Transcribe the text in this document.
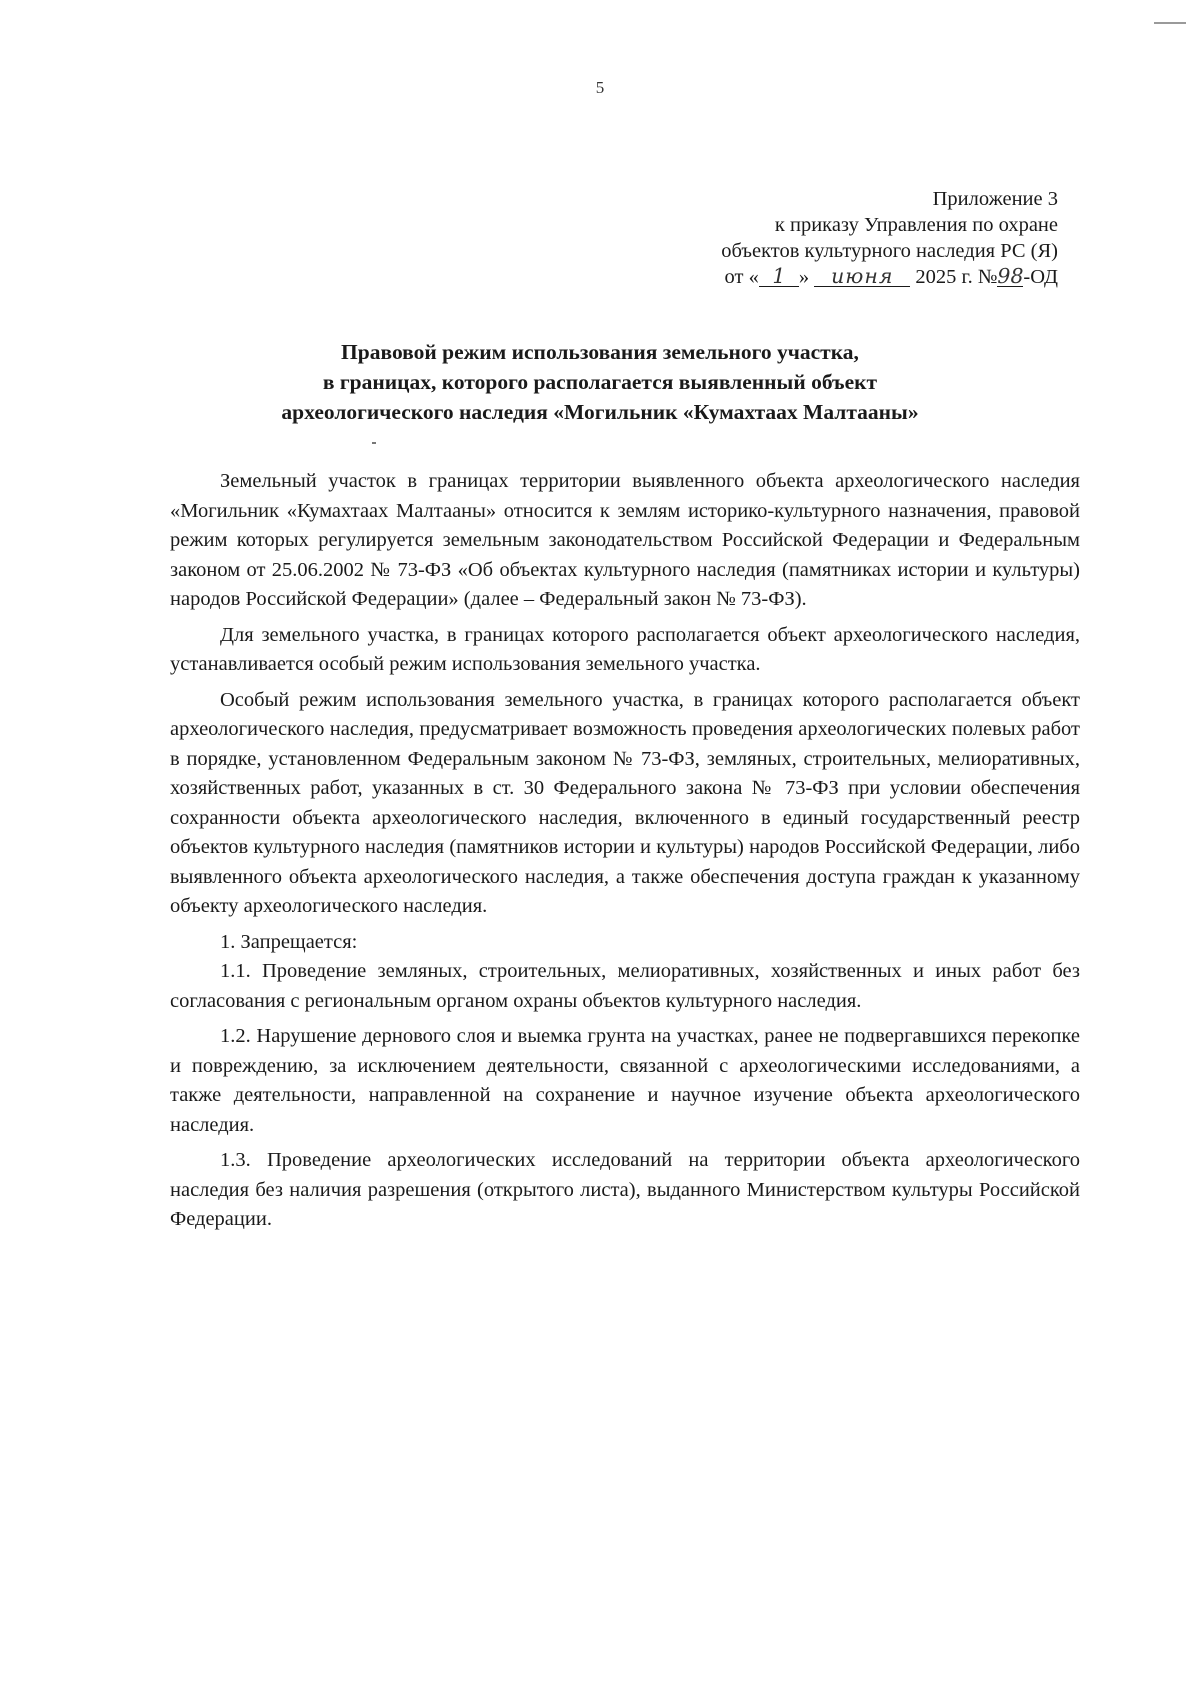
5
Приложение 3
к приказу Управления по охране
объектов культурного наследия РС (Я)
от « 1 » июня 2025 г. №98-ОД
Правовой режим использования земельного участка,
в границах, которого располагается выявленный объект
археологического наследия «Могильник «Кумахтаах Малтааны»

Земельный участок в границах территории выявленного объекта археологического наследия «Могильник «Кумахтаах Малтааны» относится к землям историко-культурного назначения, правовой режим которых регулируется земельным законодательством Российской Федерации и Федеральным законом от 25.06.2002 № 73-ФЗ «Об объектах культурного наследия (памятниках истории и культуры) народов Российской Федерации» (далее – Федеральный закон № 73-ФЗ).

Для земельного участка, в границах которого располагается объект археологического наследия, устанавливается особый режим использования земельного участка.

Особый режим использования земельного участка, в границах которого располагается объект археологического наследия, предусматривает возможность проведения археологических полевых работ в порядке, установленном Федеральным законом № 73-ФЗ, земляных, строительных, мелиоративных, хозяйственных работ, указанных в ст. 30 Федерального закона № 73-ФЗ при условии обеспечения сохранности объекта археологического наследия, включенного в единый государственный реестр объектов культурного наследия (памятников истории и культуры) народов Российской Федерации, либо выявленного объекта археологического наследия, а также обеспечения доступа граждан к указанному объекту археологического наследия.

1. Запрещается:

1.1. Проведение земляных, строительных, мелиоративных, хозяйственных и иных работ без согласования с региональным органом охраны объектов культурного наследия.

1.2. Нарушение дернового слоя и выемка грунта на участках, ранее не подвергавшихся перекопке и повреждению, за исключением деятельности, связанной с археологическими исследованиями, а также деятельности, направленной на сохранение и научное изучение объекта археологического наследия.

1.3. Проведение археологических исследований на территории объекта археологического наследия без наличия разрешения (открытого листа), выданного Министерством культуры Российской Федерации.
